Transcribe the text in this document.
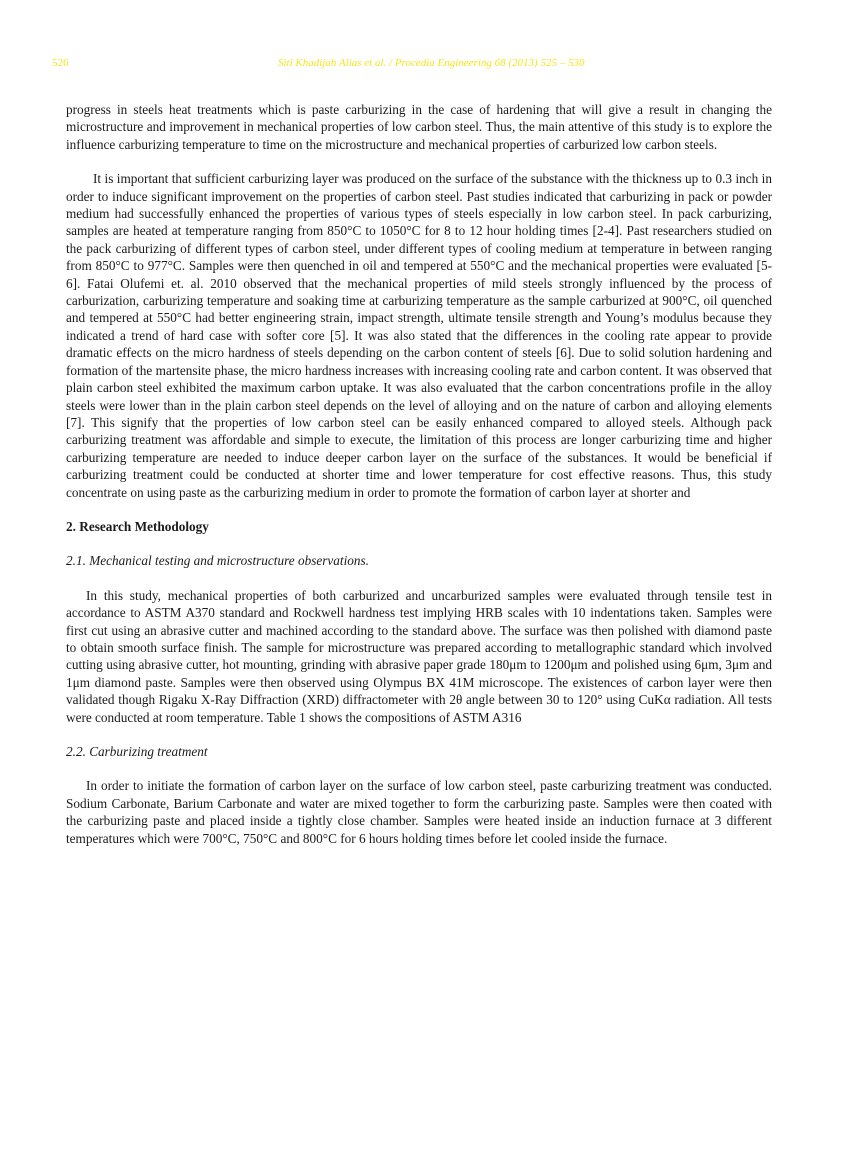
526	Siti Khadijah Alias et al. / Procedia Engineering 68 (2013) 525 – 530

progress in steels heat treatments which is paste carburizing in the case of hardening that will give a result in changing the microstructure and improvement in mechanical properties of low carbon steel. Thus, the main attentive of this study is to explore the influence carburizing temperature to time on the microstructure and mechanical properties of carburized low carbon steels.

It is important that sufficient carburizing layer was produced on the surface of the substance with the thickness up to 0.3 inch in order to induce significant improvement on the properties of carbon steel. Past studies indicated that carburizing in pack or powder medium had successfully enhanced the properties of various types of steels especially in low carbon steel. In pack carburizing, samples are heated at temperature ranging from 850°C to 1050°C for 8 to 12 hour holding times [2-4]. Past researchers studied on the pack carburizing of different types of carbon steel, under different types of cooling medium at temperature in between ranging from 850°C to 977°C. Samples were then quenched in oil and tempered at 550°C and the mechanical properties were evaluated [5-6]. Fatai Olufemi et. al. 2010 observed that the mechanical properties of mild steels strongly influenced by the process of carburization, carburizing temperature and soaking time at carburizing temperature as the sample carburized at 900°C, oil quenched and tempered at 550°C had better engineering strain, impact strength, ultimate tensile strength and Young’s modulus because they indicated a trend of hard case with softer core [5]. It was also stated that the differences in the cooling rate appear to provide dramatic effects on the micro hardness of steels depending on the carbon content of steels [6]. Due to solid solution hardening and formation of the martensite phase, the micro hardness increases with increasing cooling rate and carbon content. It was observed that plain carbon steel exhibited the maximum carbon uptake. It was also evaluated that the carbon concentrations profile in the alloy steels were lower than in the plain carbon steel depends on the level of alloying and on the nature of carbon and alloying elements [7]. This signify that the properties of low carbon steel can be easily enhanced compared to alloyed steels. Although pack carburizing treatment was affordable and simple to execute, the limitation of this process are longer carburizing time and higher carburizing temperature are needed to induce deeper carbon layer on the surface of the substances. It would be beneficial if carburizing treatment could be conducted at shorter time and lower temperature for cost effective reasons. Thus, this study concentrate on using paste as the carburizing medium in order to promote the formation of carbon layer at shorter and

2. Research Methodology
2.1. Mechanical testing and microstructure observations.

In this study, mechanical properties of both carburized and uncarburized samples were evaluated through tensile test in accordance to ASTM A370 standard and Rockwell hardness test implying HRB scales with 10 indentations taken. Samples were first cut using an abrasive cutter and machined according to the standard above. The surface was then polished with diamond paste to obtain smooth surface finish. The sample for microstructure was prepared according to metallographic standard which involved cutting using abrasive cutter, hot mounting, grinding with abrasive paper grade 180μm to 1200μm and polished using 6μm, 3μm and 1μm diamond paste. Samples were then observed using Olympus BX 41M microscope. The existences of carbon layer were then validated though Rigaku X-Ray Diffraction (XRD) diffractometer with 2θ angle between 30 to 120° using CuKα radiation. All tests were conducted at room temperature. Table 1 shows the compositions of ASTM A316

2.2. Carburizing treatment

In order to initiate the formation of carbon layer on the surface of low carbon steel, paste carburizing treatment was conducted. Sodium Carbonate, Barium Carbonate and water are mixed together to form the carburizing paste. Samples were then coated with the carburizing paste and placed inside a tightly close chamber. Samples were heated inside an induction furnace at 3 different temperatures which were 700°C, 750°C and 800°C for 6 hours holding times before let cooled inside the furnace.
